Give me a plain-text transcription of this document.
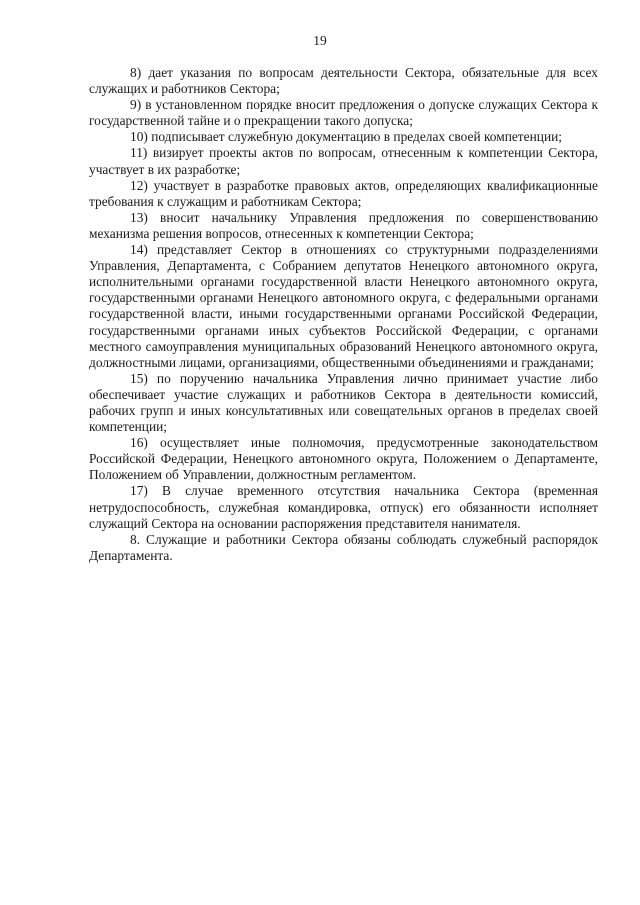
19

8) дает указания по вопросам деятельности Сектора, обязательные для всех служащих и работников Сектора;

9) в установленном порядке вносит предложения о допуске служащих Сектора к государственной тайне и о прекращении такого допуска;

10) подписывает служебную документацию в пределах своей компетенции;

11) визирует проекты актов по вопросам, отнесенным к компетенции Сектора, участвует в их разработке;

12) участвует в разработке правовых актов, определяющих квалификационные требования к служащим и работникам Сектора;

13) вносит начальнику Управления предложения по совершенствованию механизма решения вопросов, отнесенных к компетенции Сектора;

14) представляет Сектор в отношениях со структурными подразделениями Управления, Департамента, с Собранием депутатов Ненецкого автономного округа, исполнительными органами государственной власти Ненецкого автономного округа, государственными органами Ненецкого автономного округа, с федеральными органами государственной власти, иными государственными органами Российской Федерации, государственными органами иных субъектов Российской Федерации, с органами местного самоуправления муниципальных образований Ненецкого автономного округа, должностными лицами, организациями, общественными объединениями и гражданами;

15) по поручению начальника Управления лично принимает участие либо обеспечивает участие служащих и работников Сектора в деятельности комиссий, рабочих групп и иных консультативных или совещательных органов в пределах своей компетенции;

16) осуществляет иные полномочия, предусмотренные законодательством Российской Федерации, Ненецкого автономного округа, Положением о Департаменте, Положением об Управлении, должностным регламентом.

17) В случае временного отсутствия начальника Сектора (временная нетрудоспособность, служебная командировка, отпуск) его обязанности исполняет служащий Сектора на основании распоряжения представителя нанимателя.

8. Служащие и работники Сектора обязаны соблюдать служебный распорядок Департамента.
